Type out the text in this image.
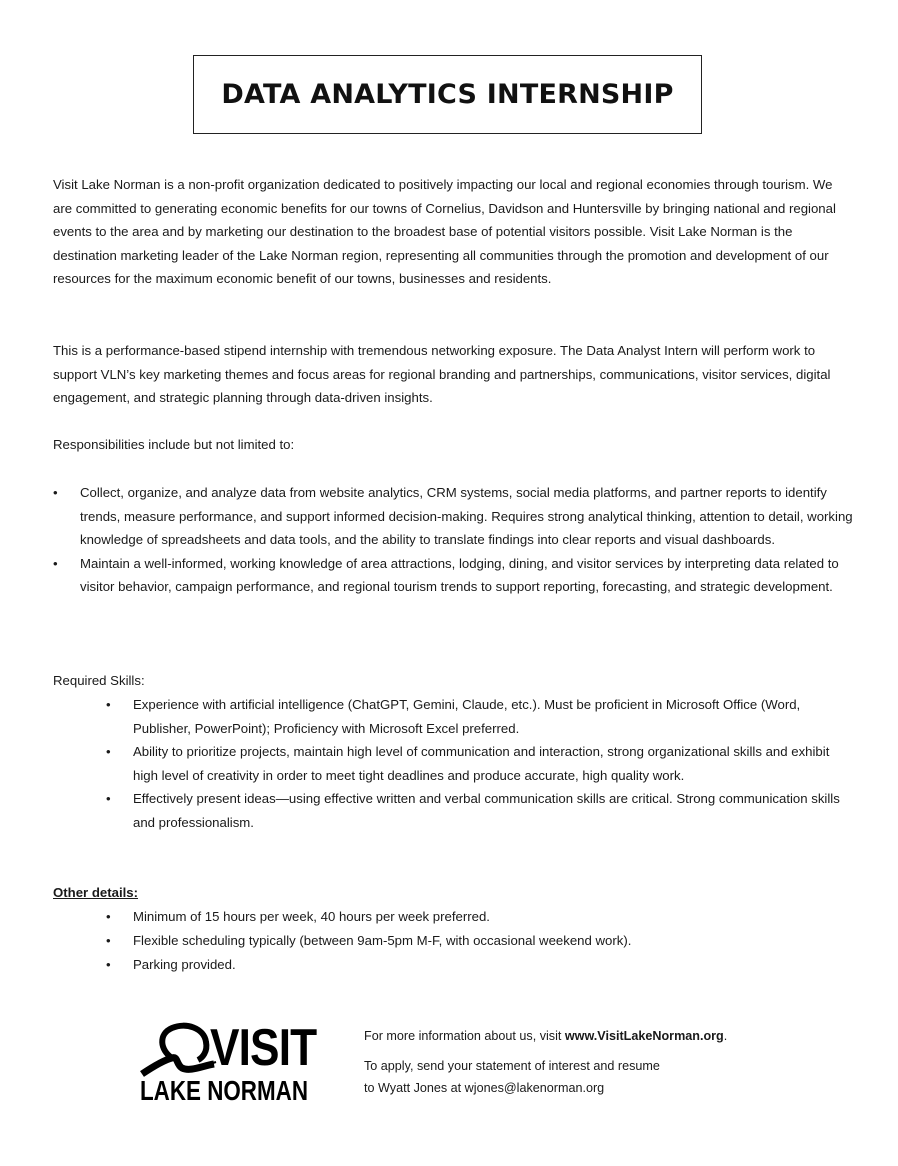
DATA ANALYTICS INTERNSHIP
Visit Lake Norman is a non-profit organization dedicated to positively impacting our local and regional economies through tourism. We are committed to generating economic benefits for our towns of Cornelius, Davidson and Huntersville by bringing national and regional events to the area and by marketing our destination to the broadest base of potential visitors possible. Visit Lake Norman is the destination marketing leader of the Lake Norman region, representing all communities through the promotion and development of our resources for the maximum economic benefit of our towns, businesses and residents.
This is a performance-based stipend internship with tremendous networking exposure. The Data Analyst Intern will perform work to support VLN’s key marketing themes and focus areas for regional branding and partnerships, communications, visitor services, digital engagement, and strategic planning through data-driven insights.
Responsibilities include but not limited to:
• Collect, organize, and analyze data from website analytics, CRM systems, social media platforms, and partner reports to identify trends, measure performance, and support informed decision-making. Requires strong analytical thinking, attention to detail, working knowledge of spreadsheets and data tools, and the ability to translate findings into clear reports and visual dashboards.
• Maintain a well-informed, working knowledge of area attractions, lodging, dining, and visitor services by interpreting data related to visitor behavior, campaign performance, and regional tourism trends to support reporting, forecasting, and strategic development.
Required Skills:
• Experience with artificial intelligence (ChatGPT, Gemini, Claude, etc.). Must be proficient in Microsoft Office (Word, Publisher, PowerPoint); Proficiency with Microsoft Excel preferred.
• Ability to prioritize projects, maintain high level of communication and interaction, strong organizational skills and exhibit high level of creativity in order to meet tight deadlines and produce accurate, high quality work.
• Effectively present ideas—using effective written and verbal communication skills are critical. Strong communication skills and professionalism.
Other details:
• Minimum of 15 hours per week, 40 hours per week preferred.
• Flexible scheduling typically (between 9am-5pm M-F, with occasional weekend work).
• Parking provided.
VISIT
LAKE NORMAN
For more information about us, visit www.VisitLakeNorman.org.
To apply, send your statement of interest and resume
to Wyatt Jones at wjones@lakenorman.org
